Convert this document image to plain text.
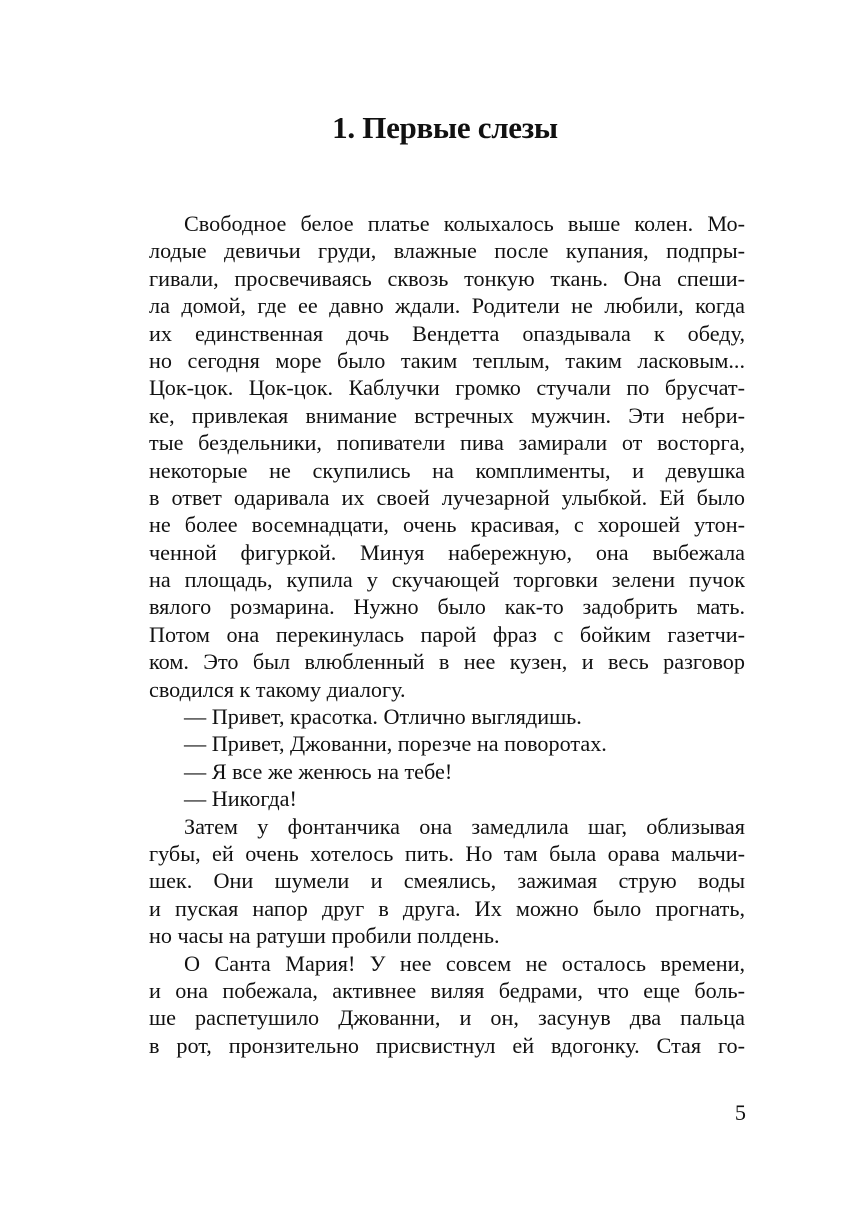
1. Первые слезы
Свободное белое платье колыхалось выше колен. Мо-
лодые девичьи груди, влажные после купания, подпры-
гивали, просвечиваясь сквозь тонкую ткань. Она спеши-
ла домой, где ее давно ждали. Родители не любили, когда
их единственная дочь Вендетта опаздывала к обеду,
но сегодня море было таким теплым, таким ласковым...
Цок-цок. Цок-цок. Каблучки громко стучали по брусчат-
ке, привлекая внимание встречных мужчин. Эти небри-
тые бездельники, попиватели пива замирали от восторга,
некоторые не скупились на комплименты, и девушка
в ответ одаривала их своей лучезарной улыбкой. Ей было
не более восемнадцати, очень красивая, с хорошей утон-
ченной фигуркой. Минуя набережную, она выбежала
на площадь, купила у скучающей торговки зелени пучок
вялого розмарина. Нужно было как-то задобрить мать.
Потом она перекинулась парой фраз с бойким газетчи-
ком. Это был влюбленный в нее кузен, и весь разговор
сводился к такому диалогу.
— Привет, красотка. Отлично выглядишь.
— Привет, Джованни, порезче на поворотах.
— Я все же женюсь на тебе!
— Никогда!
Затем у фонтанчика она замедлила шаг, облизывая
губы, ей очень хотелось пить. Но там была орава мальчи-
шек. Они шумели и смеялись, зажимая струю воды
и пуская напор друг в друга. Их можно было прогнать,
но часы на ратуши пробили полдень.
О Санта Мария! У нее совсем не осталось времени,
и она побежала, активнее виляя бедрами, что еще боль-
ше распетушило Джованни, и он, засунув два пальца
в рот, пронзительно присвистнул ей вдогонку. Стая го-
5
